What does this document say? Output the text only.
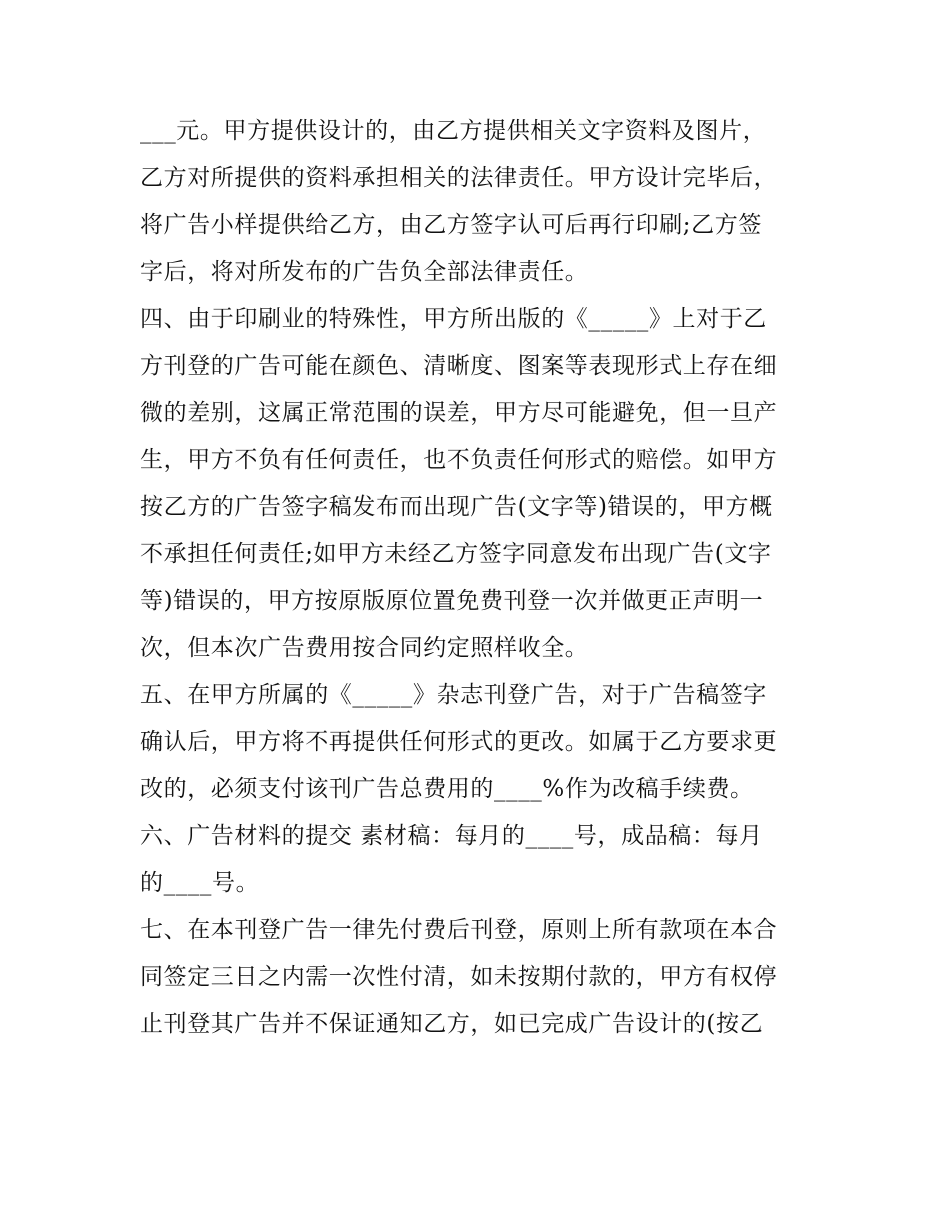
___元。甲方提供设计的，由乙方提供相关文字资料及图片，
乙方对所提供的资料承担相关的法律责任。甲方设计完毕后，
将广告小样提供给乙方，由乙方签字认可后再行印刷;乙方签
字后，将对所发布的广告负全部法律责任。
四、由于印刷业的特殊性，甲方所出版的《_____》上对于乙
方刊登的广告可能在颜色、清晰度、图案等表现形式上存在细
微的差别，这属正常范围的误差，甲方尽可能避免，但一旦产
生，甲方不负有任何责任，也不负责任何形式的赔偿。如甲方
按乙方的广告签字稿发布而出现广告(文字等)错误的，甲方概
不承担任何责任;如甲方未经乙方签字同意发布出现广告(文字
等)错误的，甲方按原版原位置免费刊登一次并做更正声明一
次，但本次广告费用按合同约定照样收全。
五、在甲方所属的《_____》杂志刊登广告，对于广告稿签字
确认后，甲方将不再提供任何形式的更改。如属于乙方要求更
改的，必须支付该刊广告总费用的____%作为改稿手续费。
六、广告材料的提交 素材稿：每月的____号，成品稿：每月
的____号。
七、在本刊登广告一律先付费后刊登，原则上所有款项在本合
同签定三日之内需一次性付清，如未按期付款的，甲方有权停
止刊登其广告并不保证通知乙方，如已完成广告设计的(按乙
